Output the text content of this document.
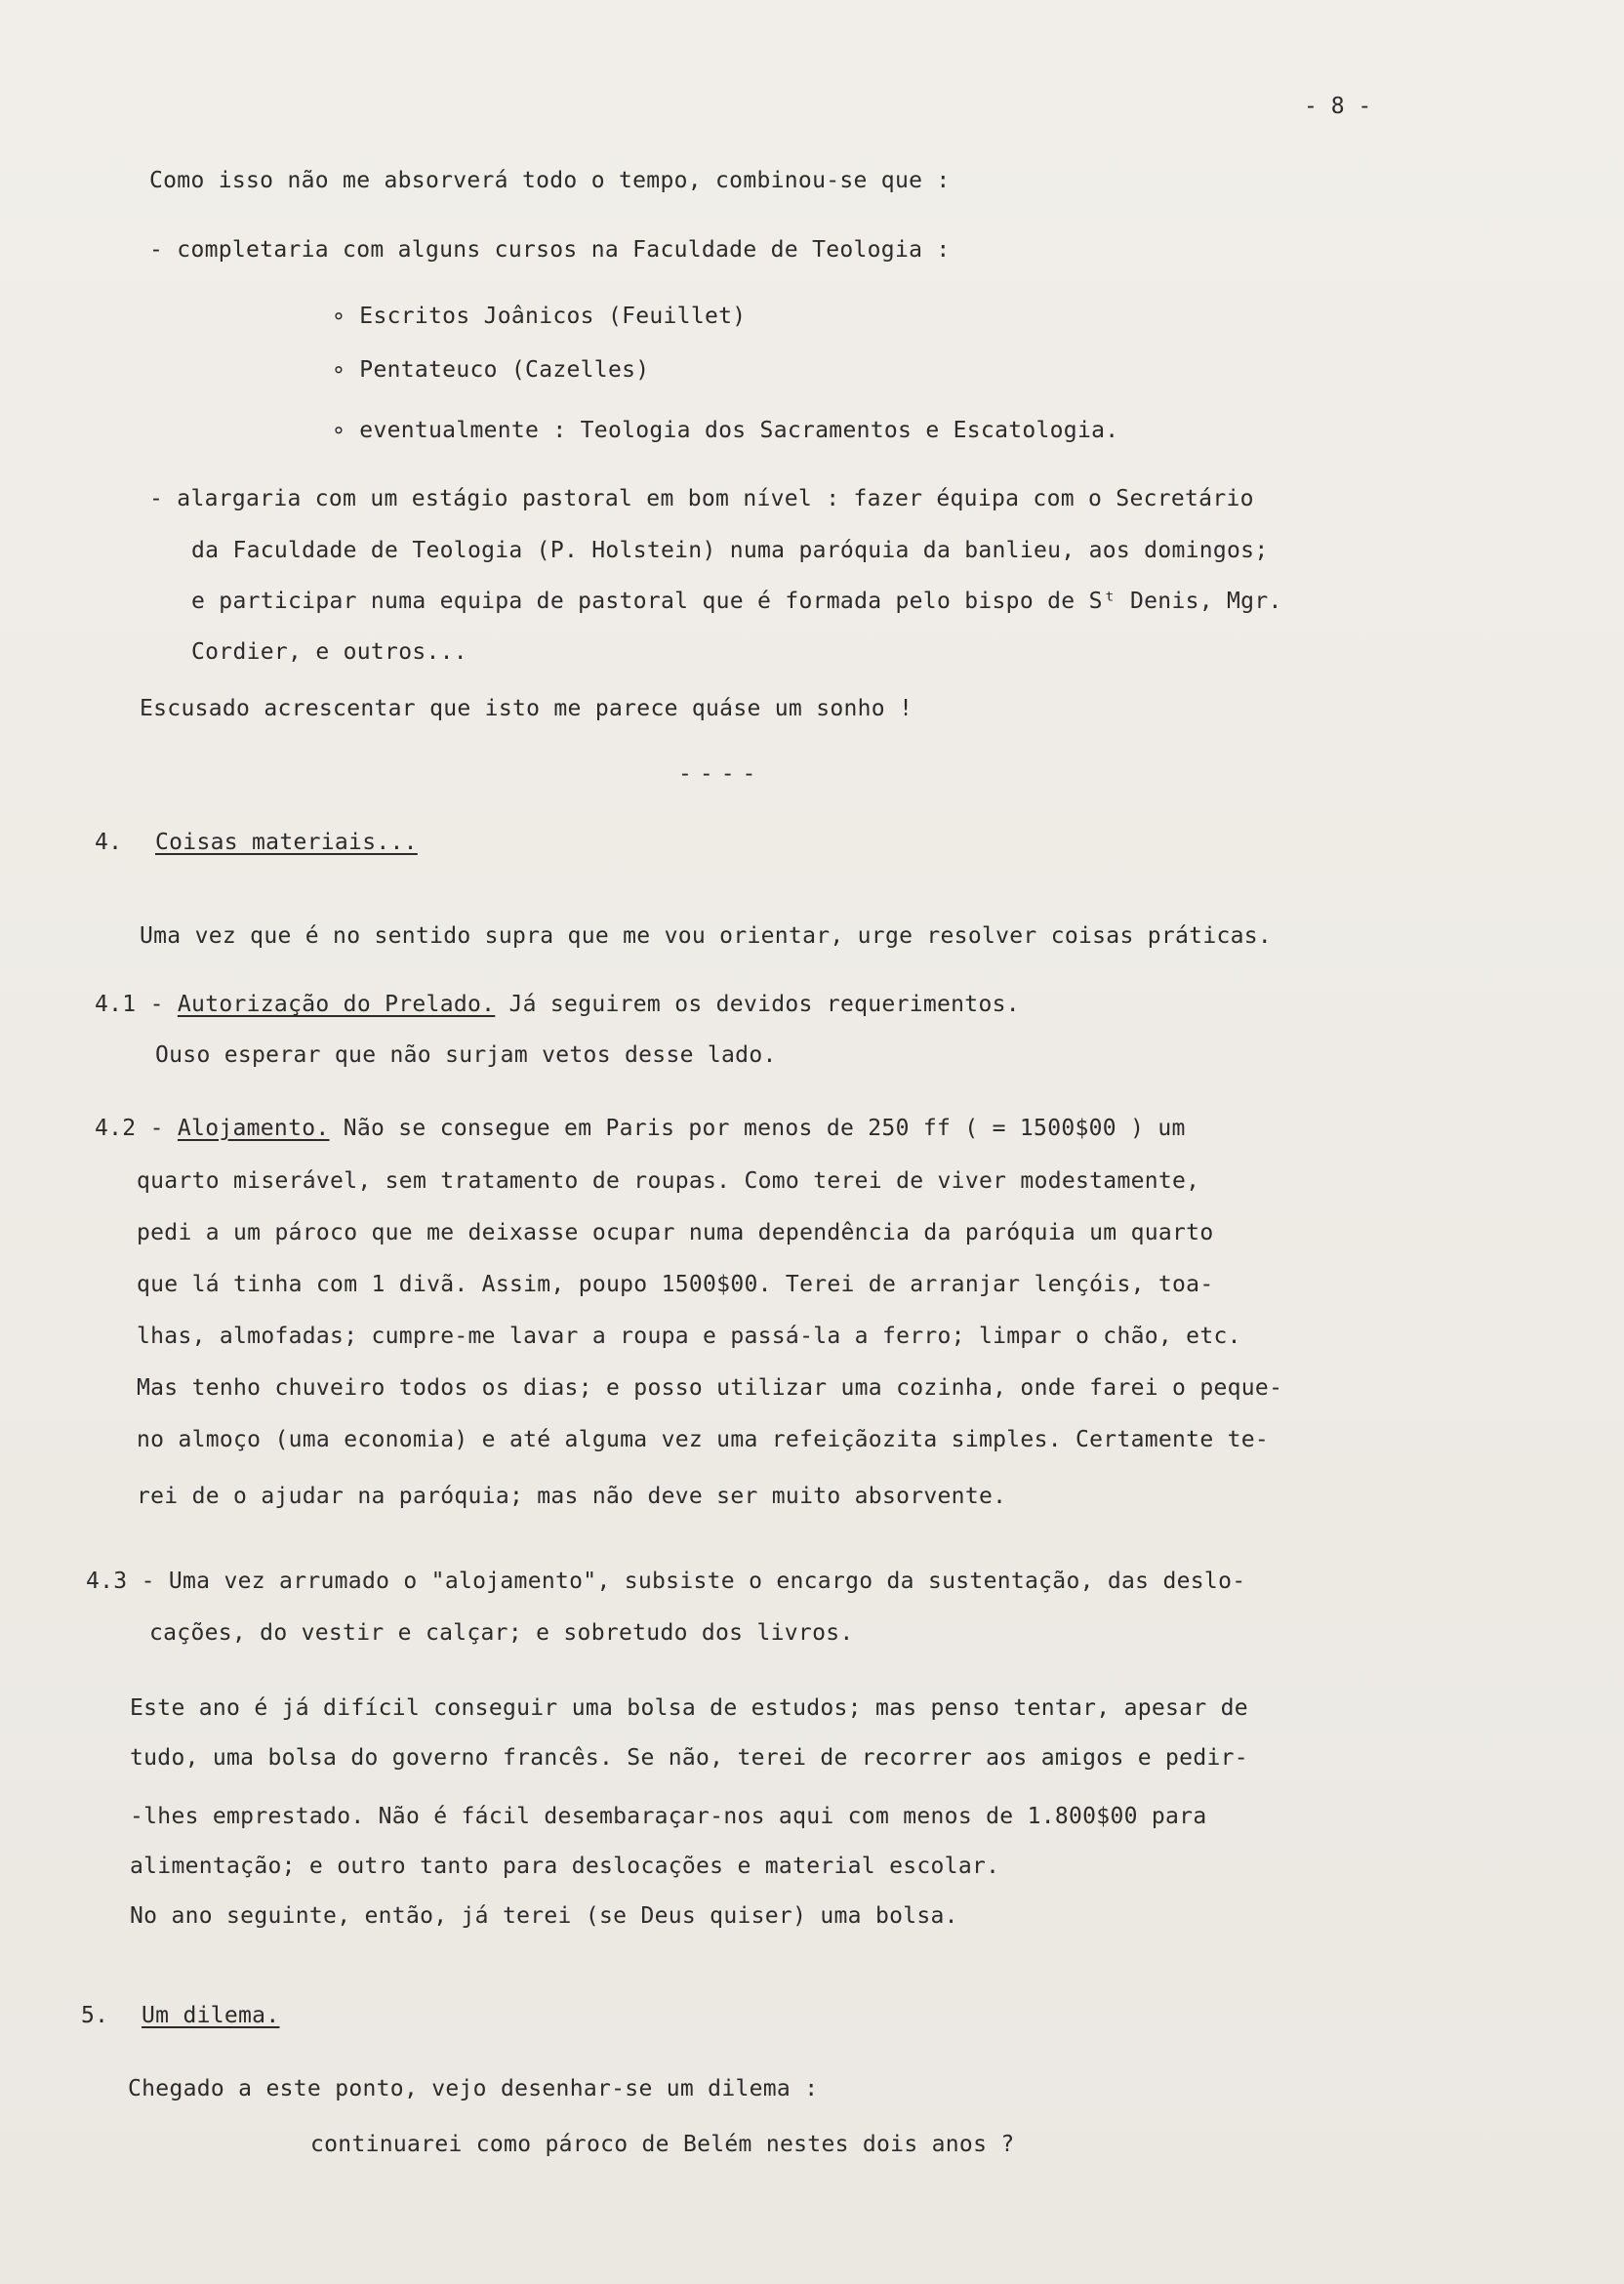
- 8 -
Como isso não me absorverá todo o tempo, combinou-se que :
- completaria com alguns cursos na Faculdade de Teologia :
∘ Escritos Joânicos (Feuillet)
∘ Pentateuco (Cazelles)
∘ eventualmente : Teologia dos Sacramentos e Escatologia.
- alargaria com um estágio pastoral em bom nível : fazer équipa com o Secretário
da Faculdade de Teologia (P. Holstein) numa paróquia da banlieu, aos domingos;
e participar numa equipa de pastoral que é formada pelo bispo de Sᵗ Denis, Mgr.
Cordier, e outros...
Escusado acrescentar que isto me parece quáse um sonho !
----
4. Coisas materiais...
Uma vez que é no sentido supra que me vou orientar, urge resolver coisas práticas.
4.1 - Autorização do Prelado. Já seguirem os devidos requerimentos.
Ouso esperar que não surjam vetos desse lado.
4.2 - Alojamento. Não se consegue em Paris por menos de 250 ff ( = 1500$00 ) um
quarto miserável, sem tratamento de roupas. Como terei de viver modestamente,
pedi a um pároco que me deixasse ocupar numa dependência da paróquia um quarto
que lá tinha com 1 divã. Assim, poupo 1500$00. Terei de arranjar lençóis, toa-
lhas, almofadas; cumpre-me lavar a roupa e passá-la a ferro; limpar o chão, etc.
Mas tenho chuveiro todos os dias; e posso utilizar uma cozinha, onde farei o peque-
no almoço (uma economia) e até alguma vez uma refeiçãozita simples. Certamente te-
rei de o ajudar na paróquia; mas não deve ser muito absorvente.
4.3 - Uma vez arrumado o "alojamento", subsiste o encargo da sustentação, das deslo-
cações, do vestir e calçar; e sobretudo dos livros.
Este ano é já difícil conseguir uma bolsa de estudos; mas penso tentar, apesar de
tudo, uma bolsa do governo francês. Se não, terei de recorrer aos amigos e pedir-
-lhes emprestado. Não é fácil desembaraçar-nos aqui com menos de 1.800$00 para
alimentação; e outro tanto para deslocações e material escolar.
No ano seguinte, então, já terei (se Deus quiser) uma bolsa.
5. Um dilema.
Chegado a este ponto, vejo desenhar-se um dilema :
continuarei como pároco de Belém nestes dois anos ?
